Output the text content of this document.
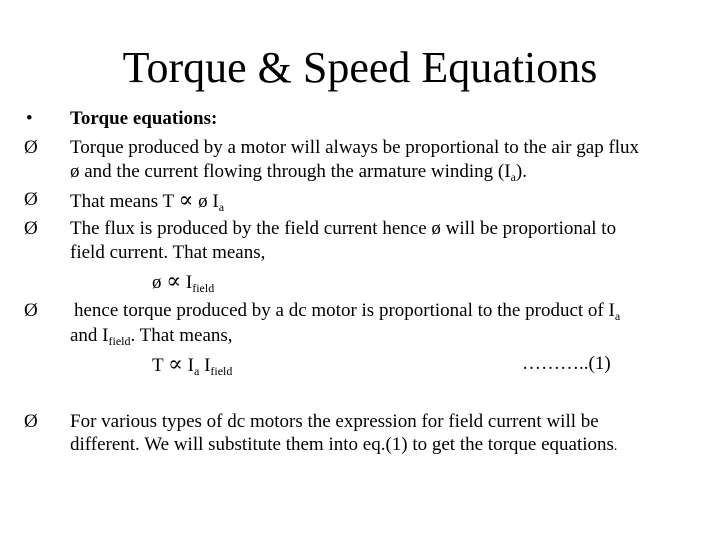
Torque & Speed Equations
• Torque equations:
Ø Torque produced by a motor will always be proportional to the air gap flux
ø and the current flowing through the armature winding $(I_a)$.
Ø That means T ∝ ø $I_a$
Ø The flux is produced by the field current hence ø will be proportional to
field current. That means,
ø ∝ $I_{field}$
Ø hence torque produced by a dc motor is proportional to the product of $I_a$
and $I_{field}$. That means,
$T \propto I_a$ $I_{field}$	………..(1)
Ø For various types of dc motors the expression for field current will be
different. We will substitute them into eq.(1) to get the torque equations.
